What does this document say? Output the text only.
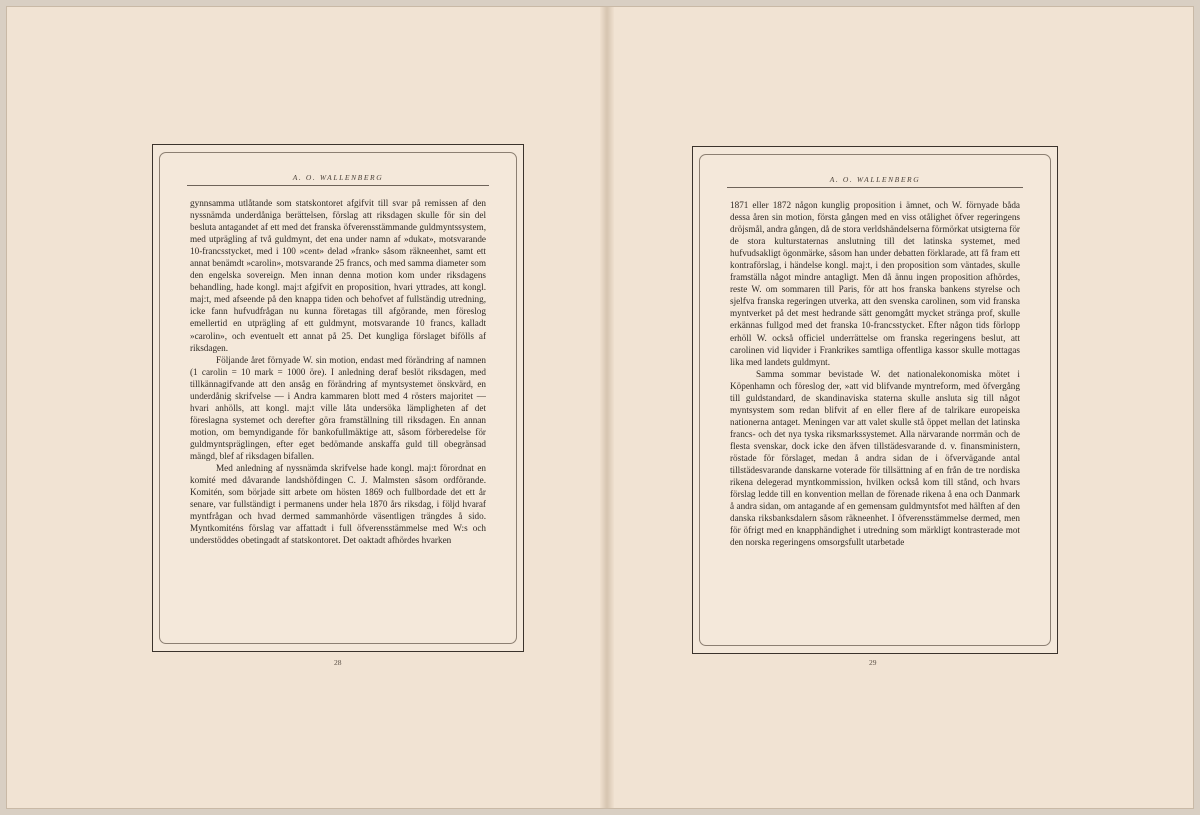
A. O. WALLENBERG

gynnsamma utlåtande som statskontoret afgifvit till svar på remissen af den nyssnämda underdåniga berättelsen, förslag att riksdagen skulle för sin del besluta antagandet af ett med det franska öfverensstämmande guldmyntssystem, med utprägling af två guldmynt, det ena under namn af »dukat», motsvarande 10-francsstycket, med i 100 »cent» delad »frank» såsom räknеenhet, samt ett annat benämdt »carolin», motsvarande 25 francs, och med samma diameter som den engelska sovereign. Men innan denna motion kom under riksdagens behandling, hade kongl. maj:t afgifvit en proposition, hvari yttrades, att kongl. maj:t, med afseende på den knappa tiden och behofvet af fullständig utredning, icke fann hufvudfrågan nu kunna företagas till afgörande, men föreslog emellertid en utprägling af ett guldmynt, motsvarande 10 francs, kalladt »carolin», och eventuelt ett annat på 25. Det kungliga förslaget bifölls af riksdagen.

Följande året förnyade W. sin motion, endast med förändring af namnen (1 carolin = 10 mark = 1000 öre). I anledning deraf beslöt riksdagen, med tillkännagifvande att den ansåg en förändring af myntsystemet önskvärd, en underdånig skrifvelse — i Andra kammaren blott med 4 rösters majoritet — hvari anhölls, att kongl. maj:t ville låta undersöka lämpligheten af det föreslagna systemet och derefter göra framställning till riksdagen. En annan motion, om bemyndigande för bankofullmäktige att, såsom förberedelse för guldmyntspräglingen, efter eget bedömande anskaffa guld till obegränsad mängd, blef af riksdagen bifallen.

Med anledning af nyssnämda skrifvelse hade kongl. maj:t förordnat en komité med dåvarande landshöfdingen C. J. Malmsten såsom ordförande. Komitén, som började sitt arbete om hösten 1869 och fullbordade det ett år senare, var fullständigt i permanens under hela 1870 års riksdag, i följd hvaraf myntfrågan och hvad dermed sammanhörde väsentligen trängdes å sido. Myntkomiténs förslag var affattadt i full öfverensstämmelse med W:s och understöddes obetingadt af statskontoret. Det oaktadt afhördes hvarken

28
A. O. WALLENBERG

1871 eller 1872 någon kunglig proposition i ämnet, och W. förnyade båda dessa åren sin motion, första gången med en viss otålighet öfver regeringens dröjsmål, andra gången, då de stora verldshändelserna förmörkat utsigterna för de stora kulturstaternas anslutning till det latinska systemet, med hufvudsakligt ögonmärke, såsom han under debatten förklarade, att få fram ett kontraförslag, i händelse kongl. maj:t, i den proposition som väntades, skulle framställa något mindre antagligt. Men då ännu ingen proposition afhördes, reste W. om sommaren till Paris, för att hos franska bankens styrelse och sjelfva franska regeringen utverka, att den svenska carolinen, som vid franska myntverket på det mest hedrande sätt genomgått mycket stränga prof, skulle erkännas fullgod med det franska 10-francsstycket. Efter någon tids förlopp erhöll W. också officiel underrättelse om franska regeringens beslut, att carolinen vid liqvider i Frankrikes samtliga offentliga kassor skulle mottagas lika med landets guldmynt.

Samma sommar bevistade W. det nationalekonomiska mötet i Köpenhamn och föreslog der, »att vid blifvande myntreform, med öfvergång till guldstandard, de skandinaviska staterna skulle ansluta sig till något myntsystem som redan blifvit af en eller flere af de talrikare europeiska nationerna antaget. Meningen var att valet skulle stå öppet mellan det latinska francs- och det nya tyska riksmarkssystemet. Alla närvarande norrmän och de flesta svenskar, dock icke den äfven tillstädesvarande d. v. finansministern, röstade för förslaget, medan å andra sidan de i öfvervägande antal tillstädesvarande danskarne voterade för tillsättning af en från de tre nordiska rikena delegerad myntkommission, hvilken också kom till stånd, och hvars förslag ledde till en konvention mellan de förenade rikena å ena och Danmark å andra sidan, om antagande af en gemensam guldmyntsfot med hälften af den danska riksbanksdalern såsom räknеenhet. I öfverensstämmelse dermed, men för öfrigt med en knapphändighet i utredning som märkligt kontrasterade mot den norska regeringens omsorgsfullt utarbetade

29
